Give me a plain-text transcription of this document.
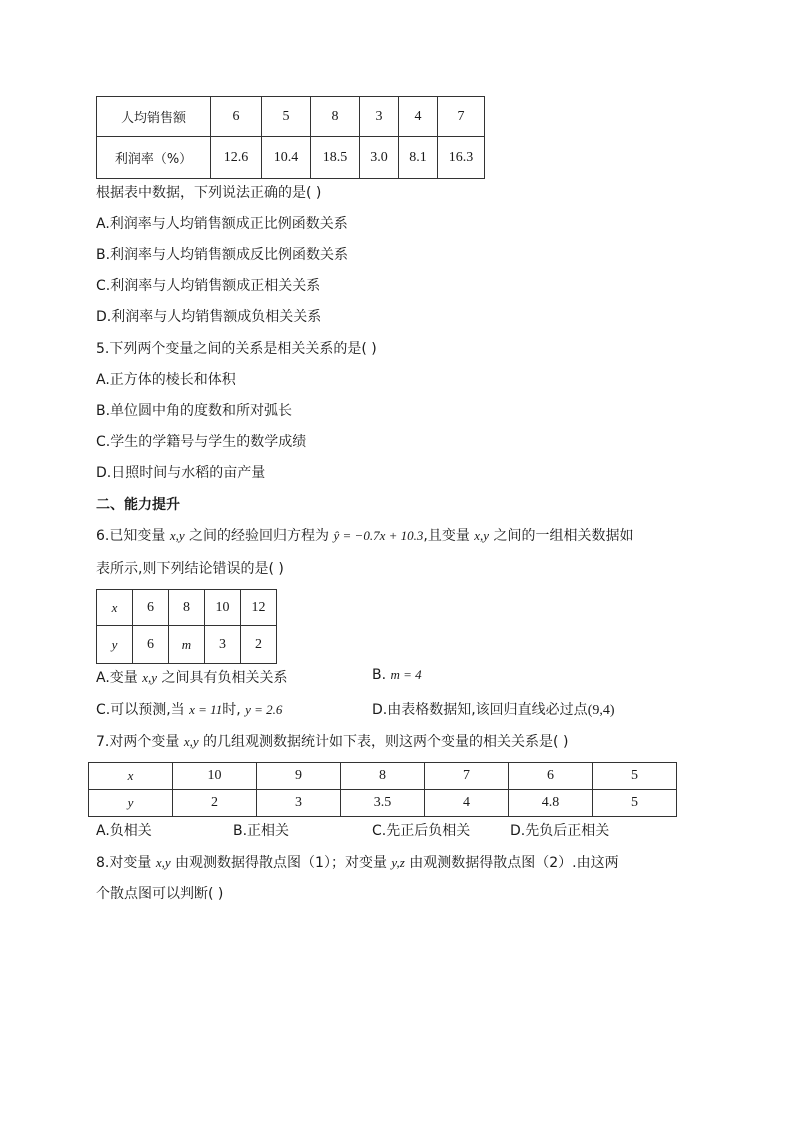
人均销售额	6	5	8	3	4	7
利润率（%）	12.6	10.4	18.5	3.0	8.1	16.3
根据表中数据，下列说法正确的是( )
A.利润率与人均销售额成正比例函数关系
B.利润率与人均销售额成反比例函数关系
C.利润率与人均销售额成正相关关系
D.利润率与人均销售额成负相关关系
5.下列两个变量之间的关系是相关关系的是( )
A.正方体的棱长和体积
B.单位圆中角的度数和所对弧长
C.学生的学籍号与学生的数学成绩
D.日照时间与水稻的亩产量
二、能力提升
6.已知变量 x,y 之间的经验回归方程为 ŷ = −0.7x + 10.3,且变量 x,y 之间的一组相关数据如
表所示,则下列结论错误的是( )
x	6	8	10	12
y	6	m	3	2
A.变量 x,y 之间具有负相关关系	B. m = 4
C.可以预测,当 x = 11时, y = 2.6	D.由表格数据知,该回归直线必过点(9,4)
7.对两个变量 x,y 的几组观测数据统计如下表，则这两个变量的相关关系是( )
x	10	9	8	7	6	5
y	2	3	3.5	4	4.8	5
A.负相关	B.正相关	C.先正后负相关	D.先负后正相关
8.对变量 x,y 由观测数据得散点图（1）；对变量 y,z 由观测数据得散点图（2）.由这两
个散点图可以判断( )
